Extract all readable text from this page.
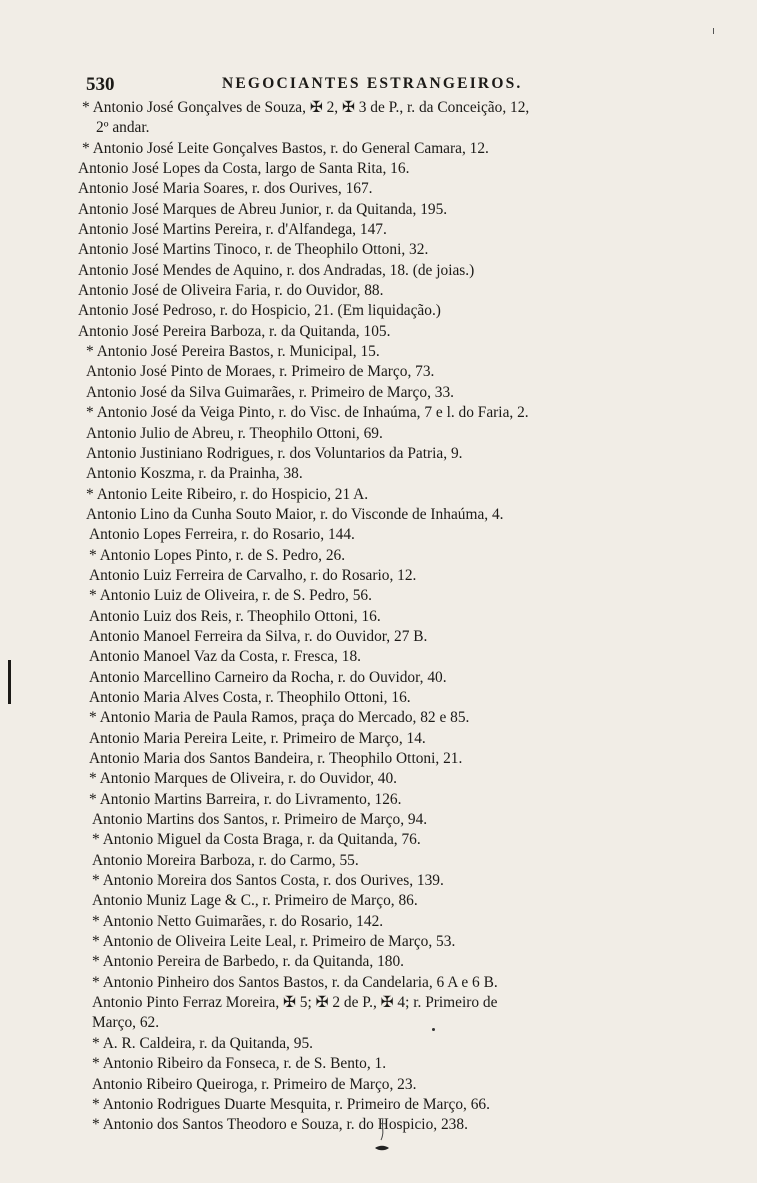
530	NEGOCIANTES ESTRANGEIROS.
* Antonio José Gonçalves de Souza, ✠ 2, ✠ 3 de P., r. da Conceição, 12,
2º andar.
* Antonio José Leite Gonçalves Bastos, r. do General Camara, 12.
Antonio José Lopes da Costa, largo de Santa Rita, 16.
Antonio José Maria Soares, r. dos Ourives, 167.
Antonio José Marques de Abreu Junior, r. da Quitanda, 195.
Antonio José Martins Pereira, r. d'Alfandega, 147.
Antonio José Martins Tinoco, r. de Theophilo Ottoni, 32.
Antonio José Mendes de Aquino, r. dos Andradas, 18. (de joias.)
Antonio José de Oliveira Faria, r. do Ouvidor, 88.
Antonio José Pedroso, r. do Hospicio, 21. (Em liquidação.)
Antonio José Pereira Barboza, r. da Quitanda, 105.
* Antonio José Pereira Bastos, r. Municipal, 15.
Antonio José Pinto de Moraes, r. Primeiro de Março, 73.
Antonio José da Silva Guimarães, r. Primeiro de Março, 33.
* Antonio José da Veiga Pinto, r. do Visc. de Inhaúma, 7 e l. do Faria, 2.
Antonio Julio de Abreu, r. Theophilo Ottoni, 69.
Antonio Justiniano Rodrigues, r. dos Voluntarios da Patria, 9.
Antonio Koszma, r. da Prainha, 38.
* Antonio Leite Ribeiro, r. do Hospicio, 21 A.
Antonio Lino da Cunha Souto Maior, r. do Visconde de Inhaúma, 4.
Antonio Lopes Ferreira, r. do Rosario, 144.
* Antonio Lopes Pinto, r. de S. Pedro, 26.
Antonio Luiz Ferreira de Carvalho, r. do Rosario, 12.
* Antonio Luiz de Oliveira, r. de S. Pedro, 56.
Antonio Luiz dos Reis, r. Theophilo Ottoni, 16.
Antonio Manoel Ferreira da Silva, r. do Ouvidor, 27 B.
Antonio Manoel Vaz da Costa, r. Fresca, 18.
Antonio Marcellino Carneiro da Rocha, r. do Ouvidor, 40.
Antonio Maria Alves Costa, r. Theophilo Ottoni, 16.
* Antonio Maria de Paula Ramos, praça do Mercado, 82 e 85.
Antonio Maria Pereira Leite, r. Primeiro de Março, 14.
Antonio Maria dos Santos Bandeira, r. Theophilo Ottoni, 21.
* Antonio Marques de Oliveira, r. do Ouvidor, 40.
* Antonio Martins Barreira, r. do Livramento, 126.
Antonio Martins dos Santos, r. Primeiro de Março, 94.
* Antonio Miguel da Costa Braga, r. da Quitanda, 76.
Antonio Moreira Barboza, r. do Carmo, 55.
* Antonio Moreira dos Santos Costa, r. dos Ourives, 139.
Antonio Muniz Lage & C., r. Primeiro de Março, 86.
* Antonio Netto Guimarães, r. do Rosario, 142.
* Antonio de Oliveira Leite Leal, r. Primeiro de Março, 53.
* Antonio Pereira de Barbedo, r. da Quitanda, 180.
* Antonio Pinheiro dos Santos Bastos, r. da Candelaria, 6 A e 6 B.
Antonio Pinto Ferraz Moreira, ✠ 5; ✠ 2 de P., ✠ 4; r. Primeiro de
Março, 62.
* A. R. Caldeira, r. da Quitanda, 95.
* Antonio Ribeiro da Fonseca, r. de S. Bento, 1.
Antonio Ribeiro Queiroga, r. Primeiro de Março, 23.
* Antonio Rodrigues Duarte Mesquita, r. Primeiro de Março, 66.
* Antonio dos Santos Theodoro e Souza, r. do Hospicio, 238.
